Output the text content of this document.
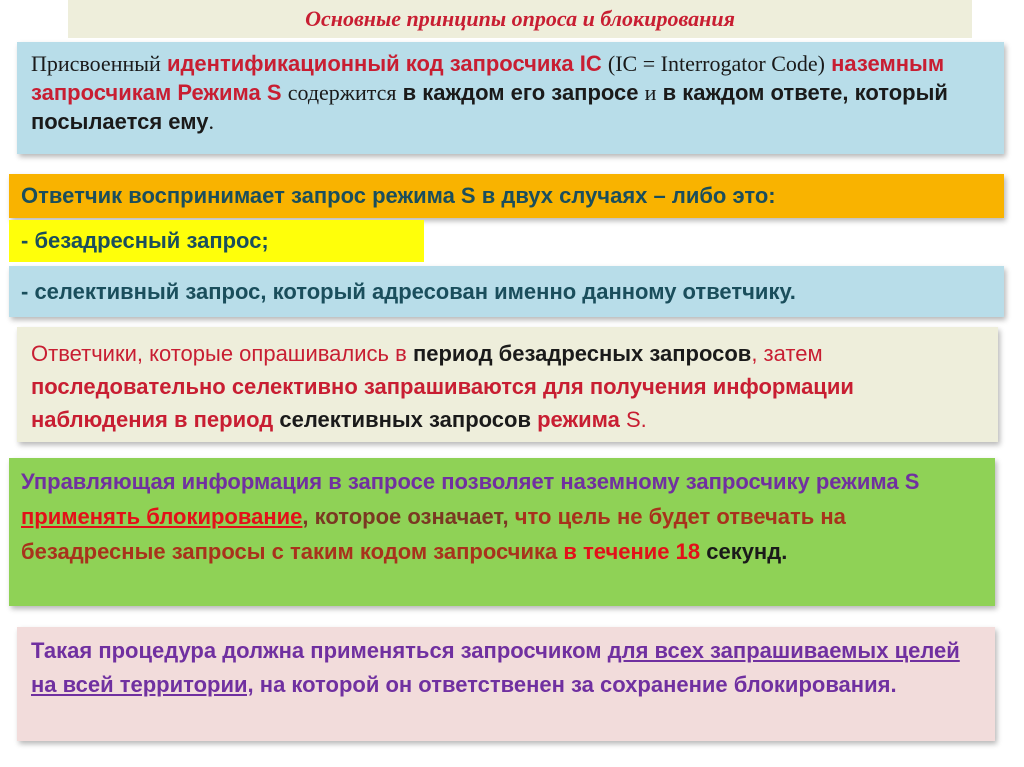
Основные принципы опроса и блокирования
Присвоенный идентификационный код запросчика IC (IC = Interrogator Code) наземным запросчикам Режима S содержится в каждом его запросе и в каждом ответе, который посылается ему.
Ответчик воспринимает запрос режима S в двух случаях – либо это:
- безадресный запрос;
- селективный запрос, который адресован именно данному ответчику.
Ответчики, которые опрашивались в период безадресных запросов, затем последовательно селективно запрашиваются для получения информации наблюдения в период селективных запросов режима S.
Управляющая информация в запросе позволяет наземному запросчику режима S применять блокирование, которое означает, что цель не будет отвечать на безадресные запросы с таким кодом запросчика в течение 18 секунд.
Такая процедура должна применяться запросчиком для всех запрашиваемых целей на всей территории, на которой он ответственен за сохранение блокирования.
